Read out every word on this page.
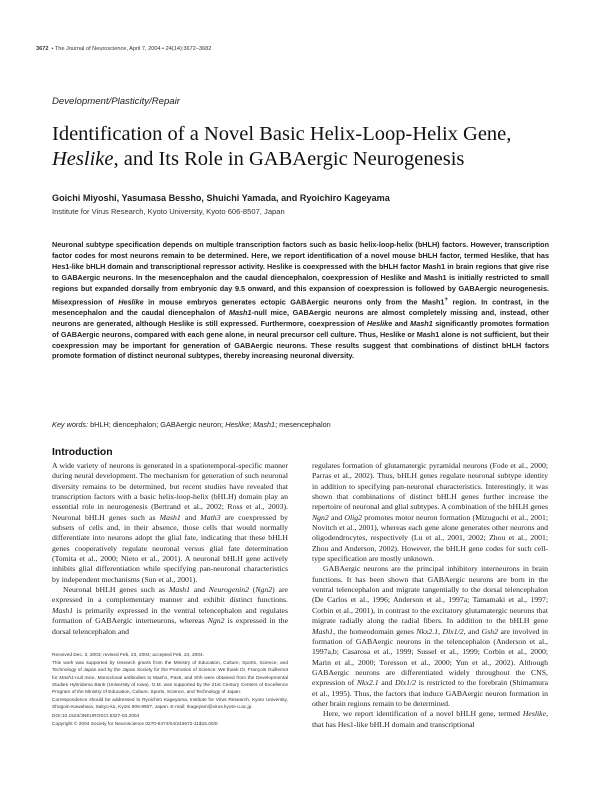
3672 • The Journal of Neuroscience, April 7, 2004 • 24(14):3672–3682
Development/Plasticity/Repair
Identification of a Novel Basic Helix-Loop-Helix Gene,
Heslike, and Its Role in GABAergic Neurogenesis
Goichi Miyoshi, Yasumasa Bessho, Shuichi Yamada, and Ryoichiro Kageyama
Institute for Virus Research, Kyoto University, Kyoto 606-8507, Japan

Neuronal subtype specification depends on multiple transcription factors such as basic helix-loop-helix (bHLH) factors. However, transcription factor codes for most neurons remain to be determined. Here, we report identification of a novel mouse bHLH factor, termed Heslike, that has Hes1-like bHLH domain and transcriptional repressor activity. Heslike is coexpressed with the bHLH factor Mash1 in brain regions that give rise to GABAergic neurons. In the mesencephalon and the caudal diencephalon, coexpression of Heslike and Mash1 is initially restricted to small regions but expanded dorsally from embryonic day 9.5 onward, and this expansion of coexpression is followed by GABAergic neurogenesis. Misexpression of Heslike in mouse embryos generates ectopic GABAergic neurons only from the Mash1+ region. In contrast, in the mesencephalon and the caudal diencephalon of Mash1-null mice, GABAergic neurons are almost completely missing and, instead, other neurons are generated, although Heslike is still expressed. Furthermore, coexpression of Heslike and Mash1 significantly promotes formation of GABAergic neurons, compared with each gene alone, in neural precursor cell culture. Thus, Heslike or Mash1 alone is not sufficient, but their coexpression may be important for generation of GABAergic neurons. These results suggest that combinations of distinct bHLH factors promote formation of distinct neuronal subtypes, thereby increasing neuronal diversity.

Key words: bHLH; diencephalon; GABAergic neuron; Heslike; Mash1; mesencephalon
Introduction

A wide variety of neurons is generated in a spatiotemporal-specific manner during neural development. The mechanism for generation of such neuronal diversity remains to be determined, but recent studies have revealed that transcription factors with a basic helix-loop-helix (bHLH) domain play an essential role in neurogenesis (Bertrand et al., 2002; Ross et al., 2003). Neuronal bHLH genes such as Mash1 and Math3 are coexpressed by subsets of cells and, in their absence, those cells that would normally differentiate into neurons adopt the glial fate, indicating that these bHLH genes cooperatively regulate neuronal versus glial fate determination (Tomita et al., 2000; Nieto et al., 2001). A neuronal bHLH gene actively inhibits glial differentiation while specifying pan-neuronal characteristics by independent mechanisms (Sun et al., 2001).

Neuronal bHLH genes such as Mash1 and Neurogenin2 (Ngn2) are expressed in a complementary manner and exhibit distinct functions. Mash1 is primarily expressed in the ventral telencephalon and regulates formation of GABAergic interneurons, whereas Ngn2 is expressed in the dorsal telencephalon and

Received Dec. 3, 2003; revised Feb. 23, 2004; accepted Feb. 24, 2004.

This work was supported by research grants from the Ministry of Education, Culture, Sports, Science, and Technology of Japan and by the Japan Society for the Promotion of Science. We thank Dr. François Guillemot for Mash1-null mice. Monoclonal antibodies to Mash1, Pax6, and Shh were obtained from the Developmental Studies Hybridoma Bank (University of Iowa). G.M. was supported by the 21st Century Centers of Excellence Program of the Ministry of Education, Culture, Sports, Science, and Technology of Japan.

Correspondence should be addressed to Ryoichiro Kageyama, Institute for Virus Research, Kyoto University, Shogoin-Kawahara, Sakyo-ku, Kyoto 606-8507, Japan. E-mail: rkageyam@virus.kyoto-u.ac.jp.

DOI:10.1523/JNEUROSCI.5327-03.2004

Copyright © 2004 Society for Neuroscience 0270-6474/04/243672-11$15.00/0

regulates formation of glutamatergic pyramidal neurons (Fode et al., 2000; Parras et al., 2002). Thus, bHLH genes regulate neuronal subtype identity in addition to specifying pan-neuronal characteristics. Interestingly, it was shown that combinations of distinct bHLH genes further increase the repertoire of neuronal and glial subtypes. A combination of the bHLH genes Ngn2 and Olig2 promotes motor neuron formation (Mizuguchi et al., 2001; Novitch et al., 2001), whereas each gene alone generates other neurons and oligodendrocytes, respectively (Lu et al., 2001, 2002; Zhou et al., 2001; Zhou and Anderson, 2002). However, the bHLH gene codes for such cell-type specification are mostly unknown.

GABAergic neurons are the principal inhibitory interneurons in brain functions. It has been shown that GABAergic neurons are born in the ventral telencephalon and migrate tangentially to the dorsal telencephalon (De Carlos et al., 1996; Anderson et al., 1997a; Tamamaki et al., 1997; Corbin et al., 2001), in contrast to the excitatory glutamatergic neurons that migrate radially along the radial fibers. In addition to the bHLH gene Mash1, the homeodomain genes Nkx2.1, Dlx1/2, and Gsh2 are involved in formation of GABAergic neurons in the telencephalon (Anderson et al., 1997a,b; Casarosa et al., 1999; Sussel et al., 1999; Corbin et al., 2000; Marin et al., 2000; Toresson et al., 2000; Yun et al., 2002). Although GABAergic neurons are differentiated widely throughout the CNS, expression of Nkx2.1 and Dlx1/2 is restricted to the forebrain (Shimamura et al., 1995). Thus, the factors that induce GABAergic neuron formation in other brain regions remain to be determined.

Here, we report identification of a novel bHLH gene, termed Heslike, that has Hes1-like bHLH domain and transcriptional
